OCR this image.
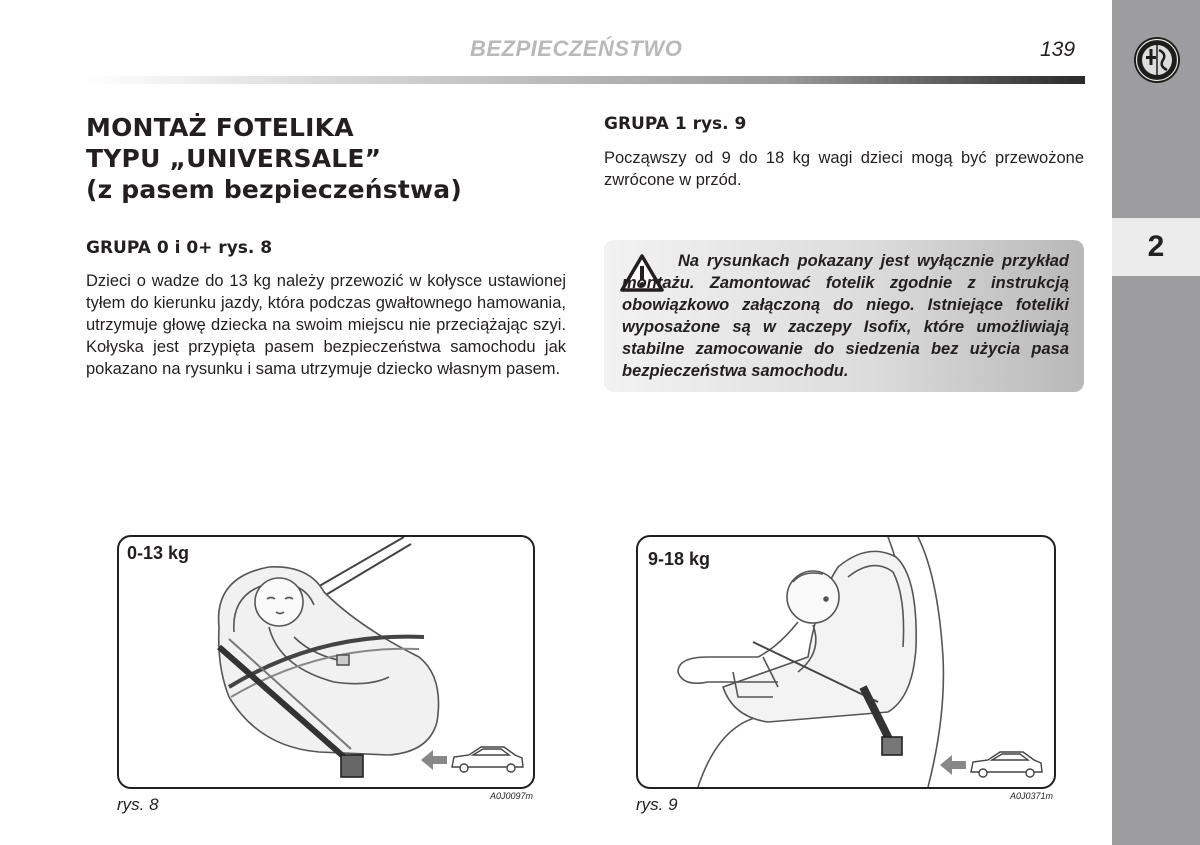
2
BEZPIECZEŃSTWO	139
MONTAŻ FOTELIKA
TYPU „UNIVERSALE”
(z pasem bezpieczeństwa)
GRUPA 0 i 0+ rys. 8
Dzieci o wadze do 13 kg należy przewozić w kołysce ustawionej tyłem do kierunku jazdy, która podczas gwałtownego hamowania, utrzymuje głowę dziecka na swoim miejscu nie przeciążając szyi. Kołyska jest przypięta pasem bezpieczeństwa samochodu jak pokazano na rysunku i sama utrzymuje dziecko własnym pasem.
GRUPA 1 rys. 9
Począwszy od 9 do 18 kg wagi dzieci mogą być przewożone zwrócone w przód.
Na rysunkach pokazany jest wyłącznie przykład montażu. Zamontować fotelik zgodnie z instrukcją obowiązkowo załączoną do niego. Istniejące foteliki wyposażone są w zaczepy Isofix, które umożliwiają stabilne zamocowanie do siedzenia bez użycia pasa bezpieczeństwa samochodu.
0-13 kg
rys. 8	A0J0097m
9-18 kg
rys. 9	A0J0371m
